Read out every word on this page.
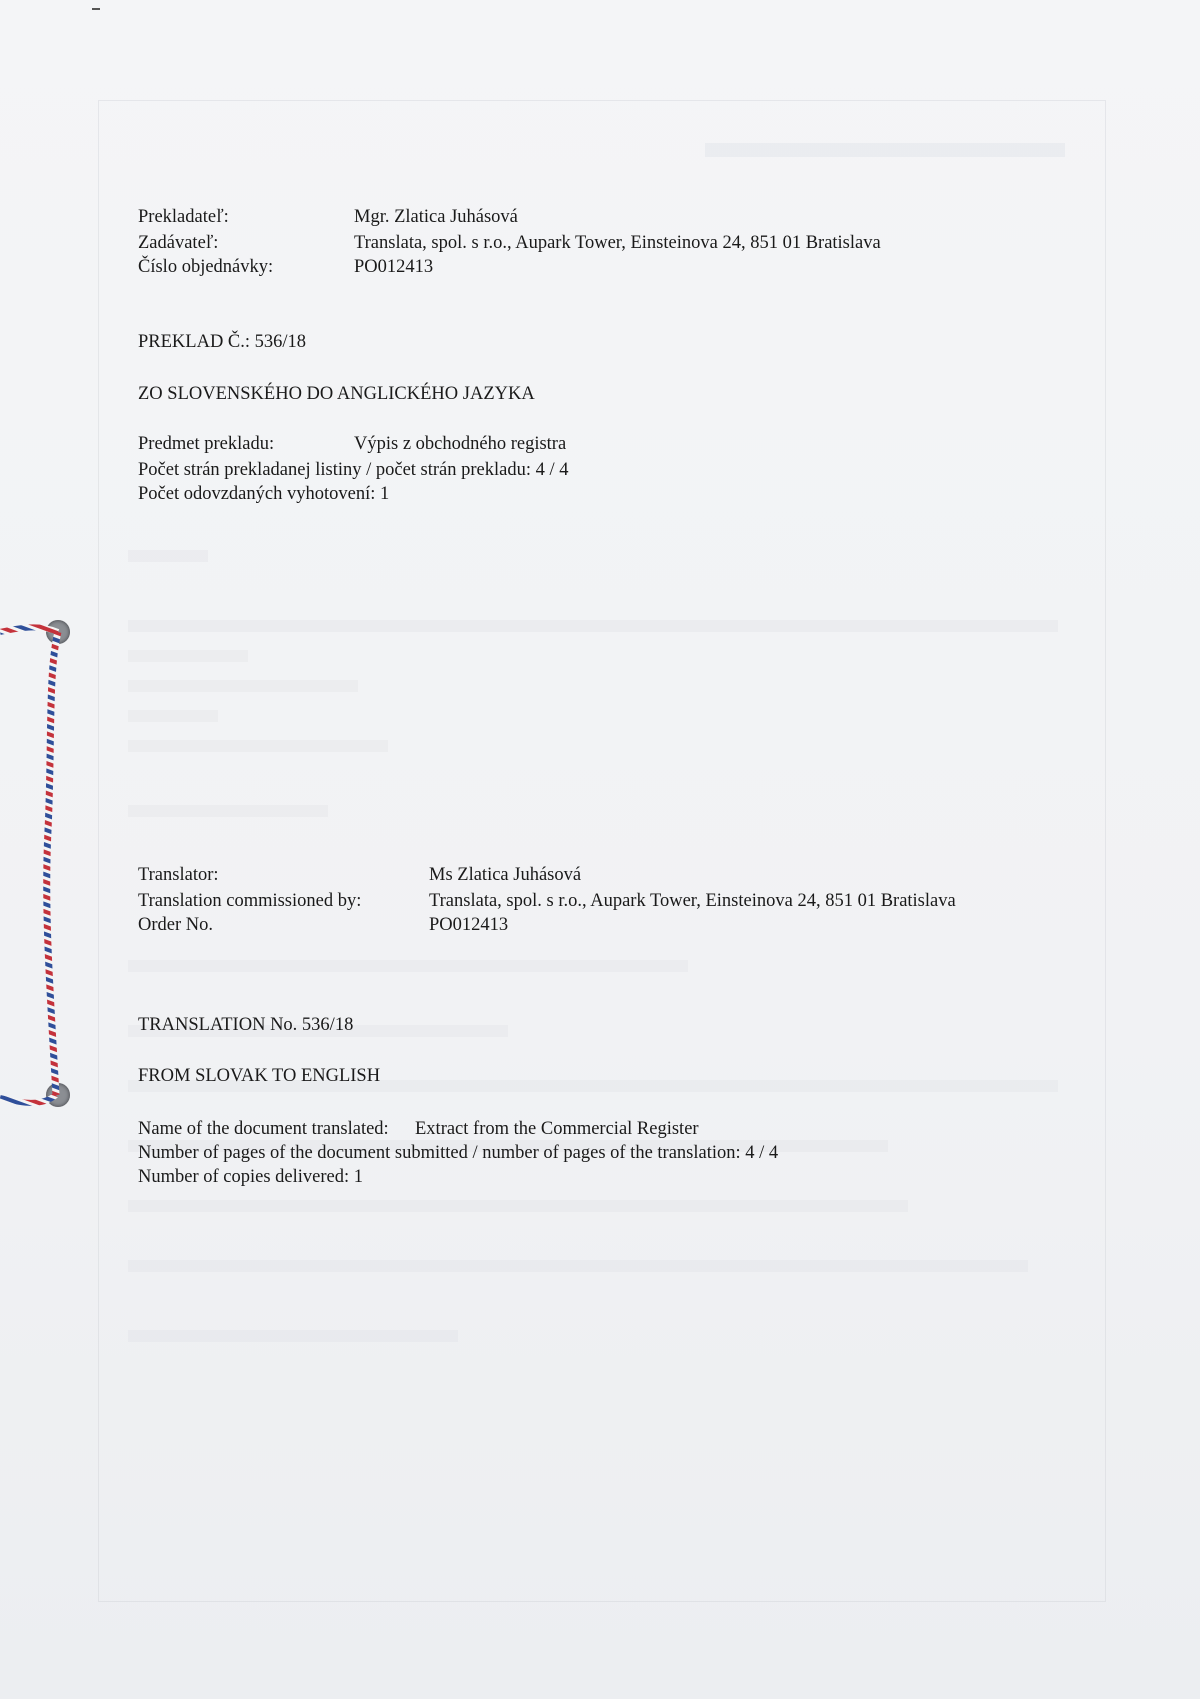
Prekladateľ:	Mgr. Zlatica Juhásová
Zadávateľ:	Translata, spol. s r.o., Aupark Tower, Einsteinova 24, 851 01 Bratislava
Číslo objednávky:	PO012413
PREKLAD Č.: 536/18
ZO SLOVENSKÉHO DO ANGLICKÉHO JAZYKA
Predmet prekladu:	Výpis z obchodného registra
Počet strán prekladanej listiny / počet strán prekladu: 4 / 4
Počet odovzdaných vyhotovení: 1
Translator:	Ms Zlatica Juhásová
Translation commissioned by:	Translata, spol. s r.o., Aupark Tower, Einsteinova 24, 851 01 Bratislava
Order No.	PO012413
TRANSLATION No. 536/18
FROM SLOVAK TO ENGLISH
Name of the document translated: Extract from the Commercial Register
Number of pages of the document submitted / number of pages of the translation: 4 / 4
Number of copies delivered: 1
